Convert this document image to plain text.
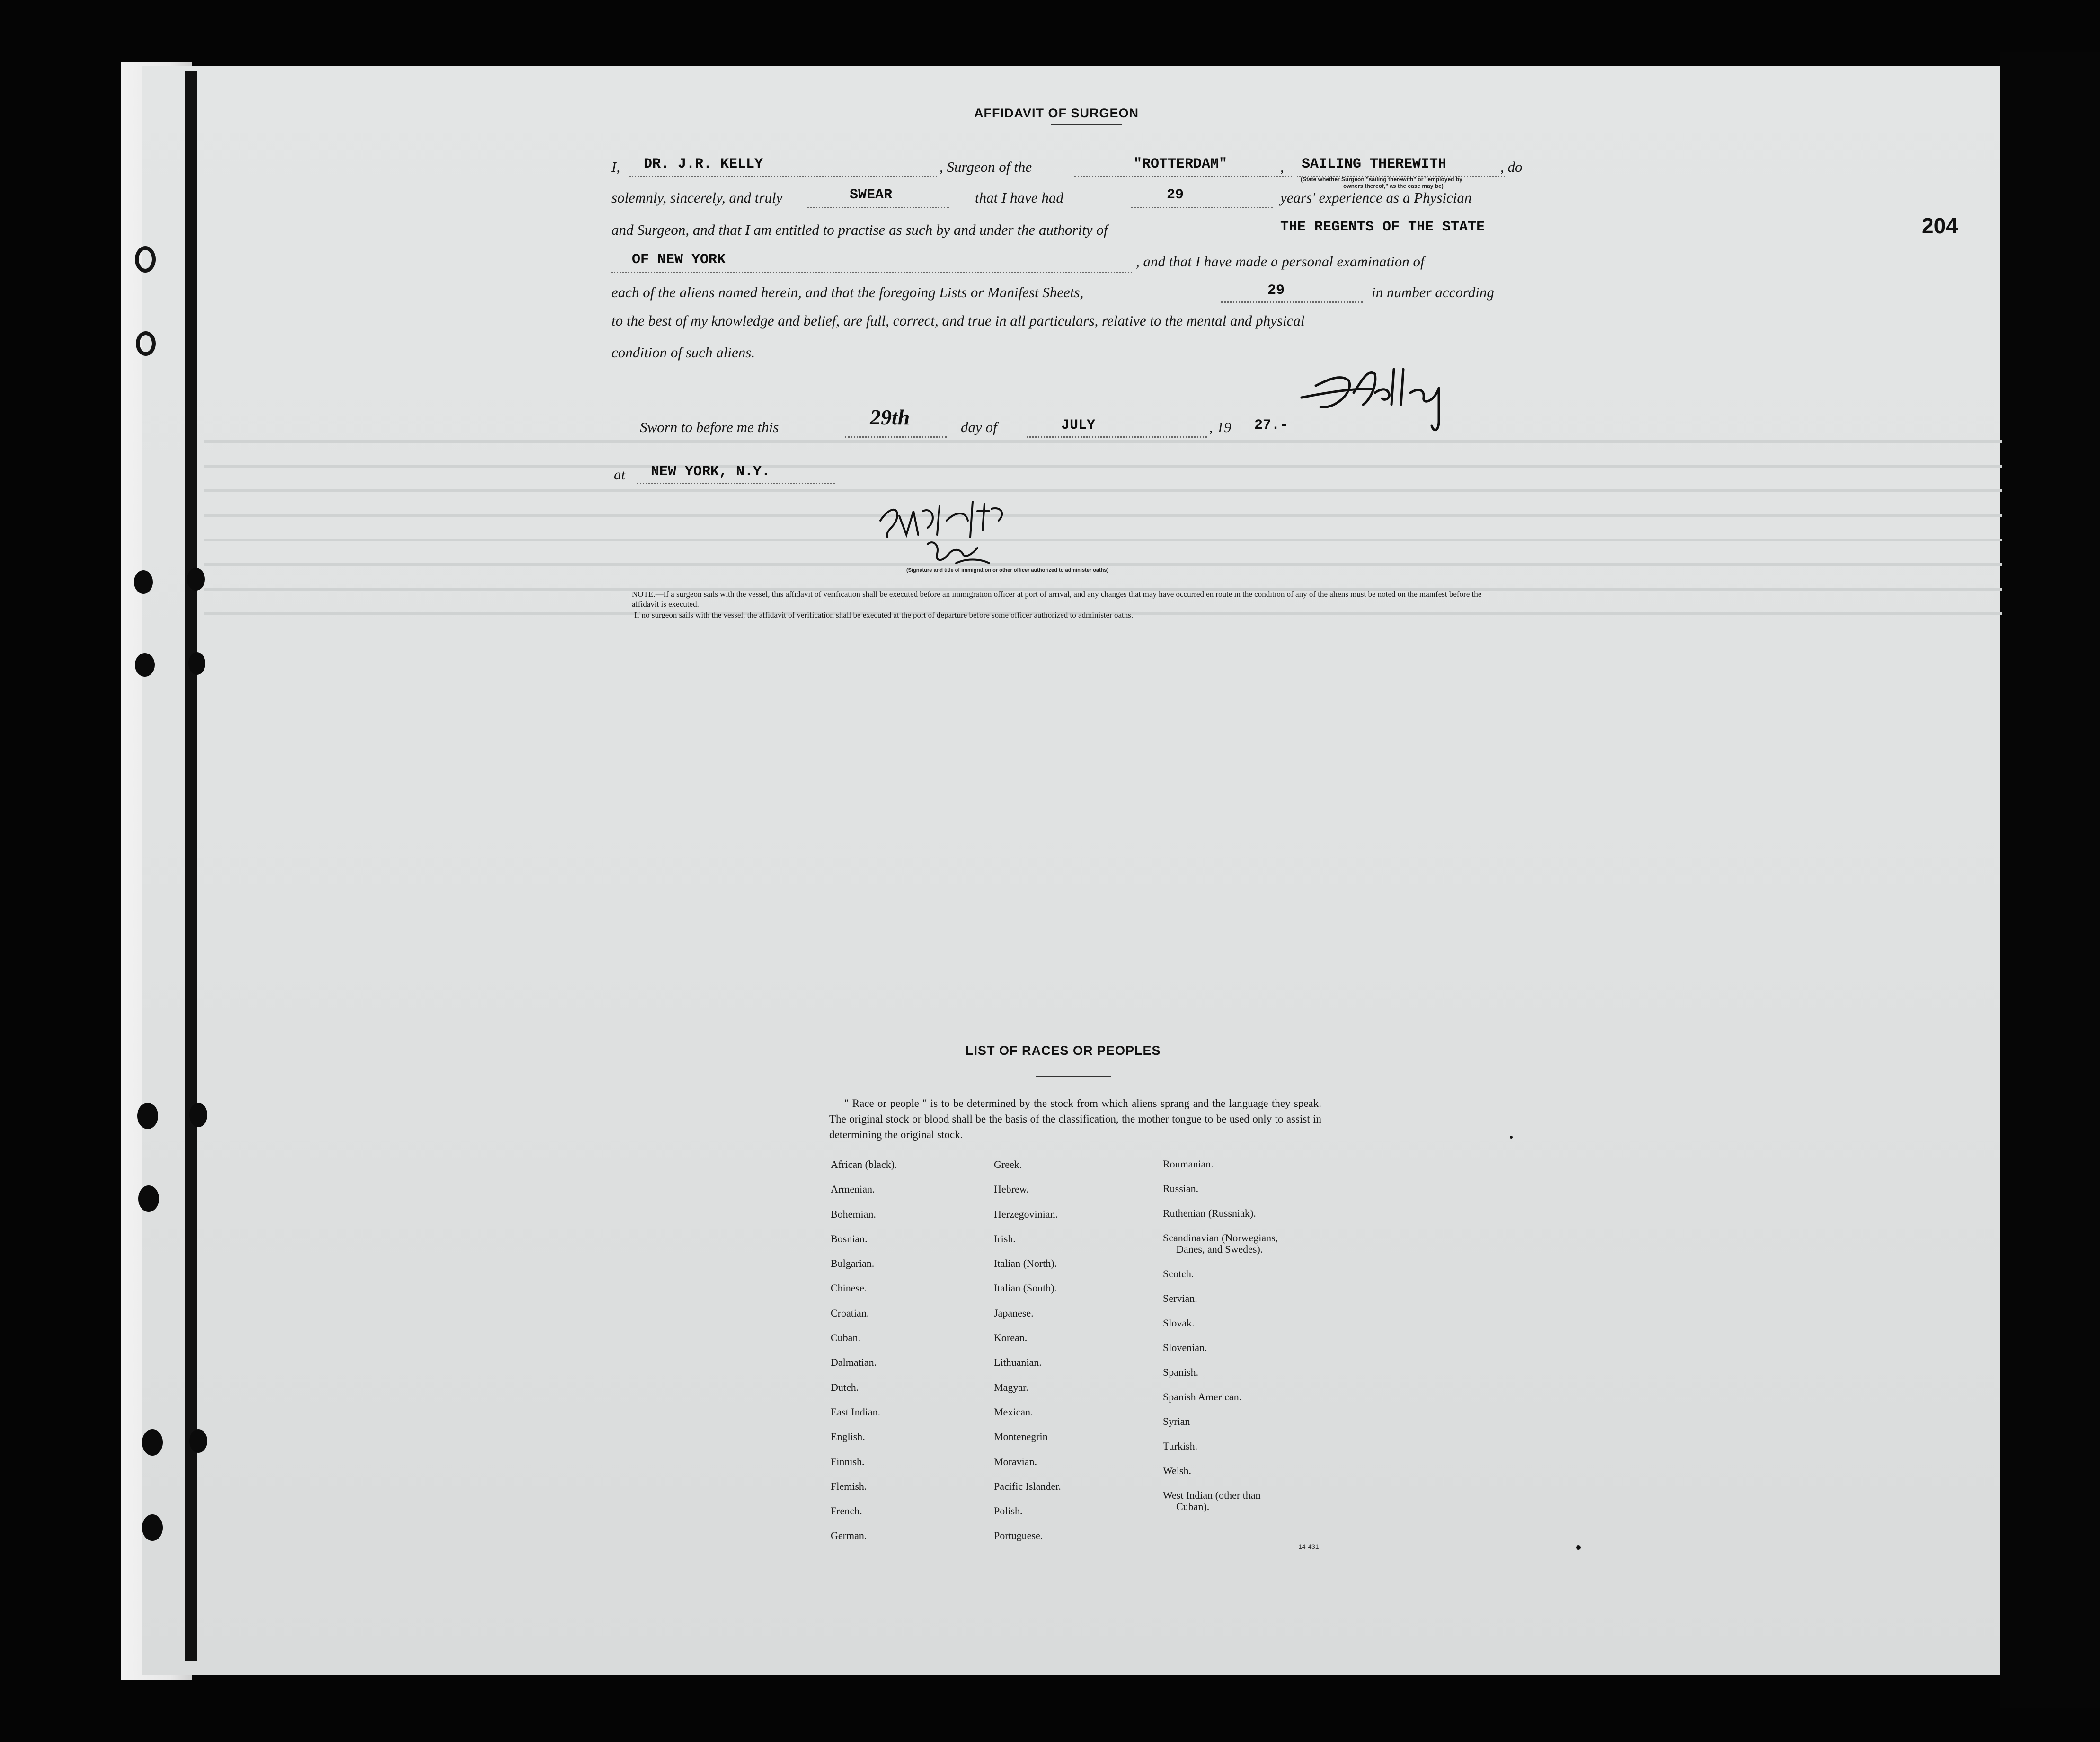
204
AFFIDAVIT OF SURGEON
I, DR. J.R. KELLY	, Surgeon of the	"ROTTERDAM"	, SAILING THEREWITH	, do
(State whether Surgeon "sailing therewith" or "employed by
owners thereof," as the case may be)
solemnly, sincerely, and truly	SWEAR	that I have had	29	years' experience as a Physician
and Surgeon, and that I am entitled to practise as such by and under the authority of	THE REGENTS OF THE STATE
OF NEW YORK	, and that I have made a personal examination of
each of the aliens named herein, and that the foregoing Lists or Manifest Sheets,	29	in number according
to the best of my knowledge and belief, are full, correct, and true in all particulars, relative to the mental and physical
condition of such aliens.
Sworn to before me this	29th	day of	JULY	, 19 27.-
at NEW YORK, N.Y.
(Signature and title of immigration or other officer authorized to administer oaths)
NOTE.—If a surgeon sails with the vessel, this affidavit of verification shall be executed before an immigration officer at port of arrival, and any changes that may have occurred en route in the condition of any of the aliens must be noted on the manifest before the affidavit is executed.
If no surgeon sails with the vessel, the affidavit of verification shall be executed at the port of departure before some officer authorized to administer oaths.
LIST OF RACES OR PEOPLES
" Race or people " is to be determined by the stock from which aliens sprang and the language they speak. The original stock or blood shall be the basis of the classification, the mother tongue to be used only to assist in determining the original stock.
African (black).
Armenian.
Bohemian.
Bosnian.
Bulgarian.
Chinese.
Croatian.
Cuban.
Dalmatian.
Dutch.
East Indian.
English.
Finnish.
Flemish.
French.
German.
Greek.
Hebrew.
Herzegovinian.
Irish.
Italian (North).
Italian (South).
Japanese.
Korean.
Lithuanian.
Magyar.
Mexican.
Montenegrin
Moravian.
Pacific Islander.
Polish.
Portuguese.
Roumanian.
Russian.
Ruthenian (Russniak).
Scandinavian (Norwegians,
Danes, and Swedes).
Scotch.
Servian.
Slovak.
Slovenian.
Spanish.
Spanish American.
Syrian
Turkish.
Welsh.
West Indian (other than
Cuban).
14-431
